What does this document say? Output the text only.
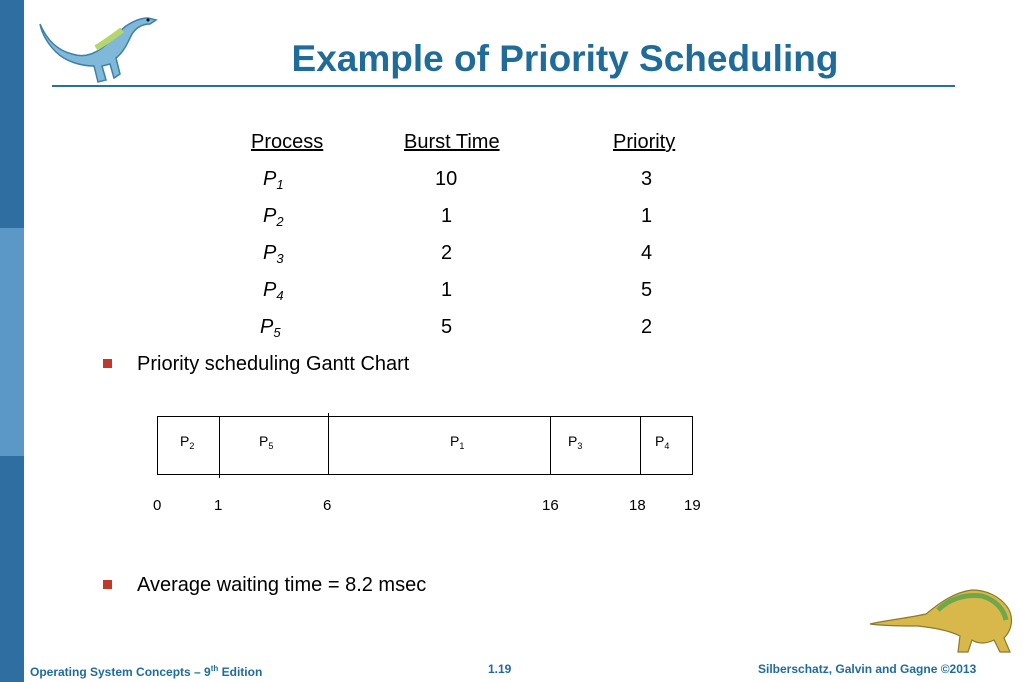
Example of Priority Scheduling
Process	Burst Time	Priority
$P_1$	10	3
$P_2$	1	1
$P_3$	2	4
$P_4$	1	5
$P_5$	5	2
Priority scheduling Gantt Chart
$P_2$	$P_5$	$P_1$	$P_3$	$P_4$
0	1	6	16	18	19
Average waiting time = 8.2 msec
Operating System Concepts – 9th Edition	1.19	Silberschatz, Galvin and Gagne ©2013
